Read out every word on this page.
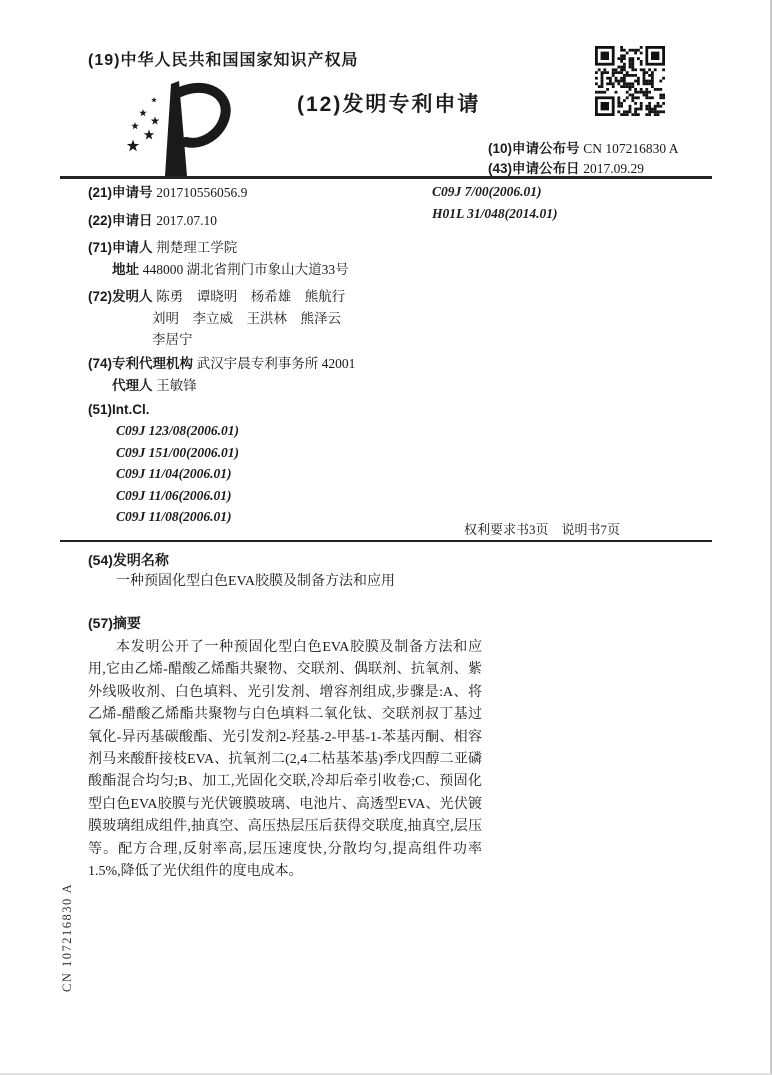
CN 107216830 A
(19)中华人民共和国国家知识产权局
(12)发明专利申请
(10)申请公布号 CN 107216830 A
(43)申请公布日 2017.09.29
(21)申请号 201710556056.9
(22)申请日 2017.07.10
(71)申请人 荆楚理工学院
地址 448000 湖北省荆门市象山大道33号
(72)发明人 陈勇　谭晓明　杨希雄　熊航行
刘明　李立威　王洪林　熊泽云
李居宁
(74)专利代理机构 武汉宇晨专利事务所 42001
代理人 王敏锋
(51)Int.Cl.
C09J 123/08(2006.01)
C09J 151/00(2006.01)
C09J 11/04(2006.01)
C09J 11/06(2006.01)
C09J 11/08(2006.01)
C09J 7/00(2006.01)
H01L 31/048(2014.01)
权利要求书3页　说明书7页
(54)发明名称
一种预固化型白色EVA胶膜及制备方法和应用
(57)摘要
本发明公开了一种预固化型白色EVA胶膜及制备方法和应用,它由乙烯-醋酸乙烯酯共聚物、交联剂、偶联剂、抗氧剂、紫外线吸收剂、白色填料、光引发剂、增容剂组成,步骤是:A、将乙烯-醋酸乙烯酯共聚物与白色填料二氧化钛、交联剂叔丁基过氧化-异丙基碳酸酯、光引发剂2-羟基-2-甲基-1-苯基丙酮、相容剂马来酸酐接枝EVA、抗氧剂二(2,4二枯基苯基)季戊四醇二亚磷酸酯混合均匀;B、加工,光固化交联,冷却后牵引收卷;C、预固化型白色EVA胶膜与光伏镀膜玻璃、电池片、高透型EVA、光伏镀膜玻璃组成组件,抽真空、高压热层压后获得交联度,抽真空,层压等。配方合理,反射率高,层压速度快,分散均匀,提高组件功率1.5%,降低了光伏组件的度电成本。
